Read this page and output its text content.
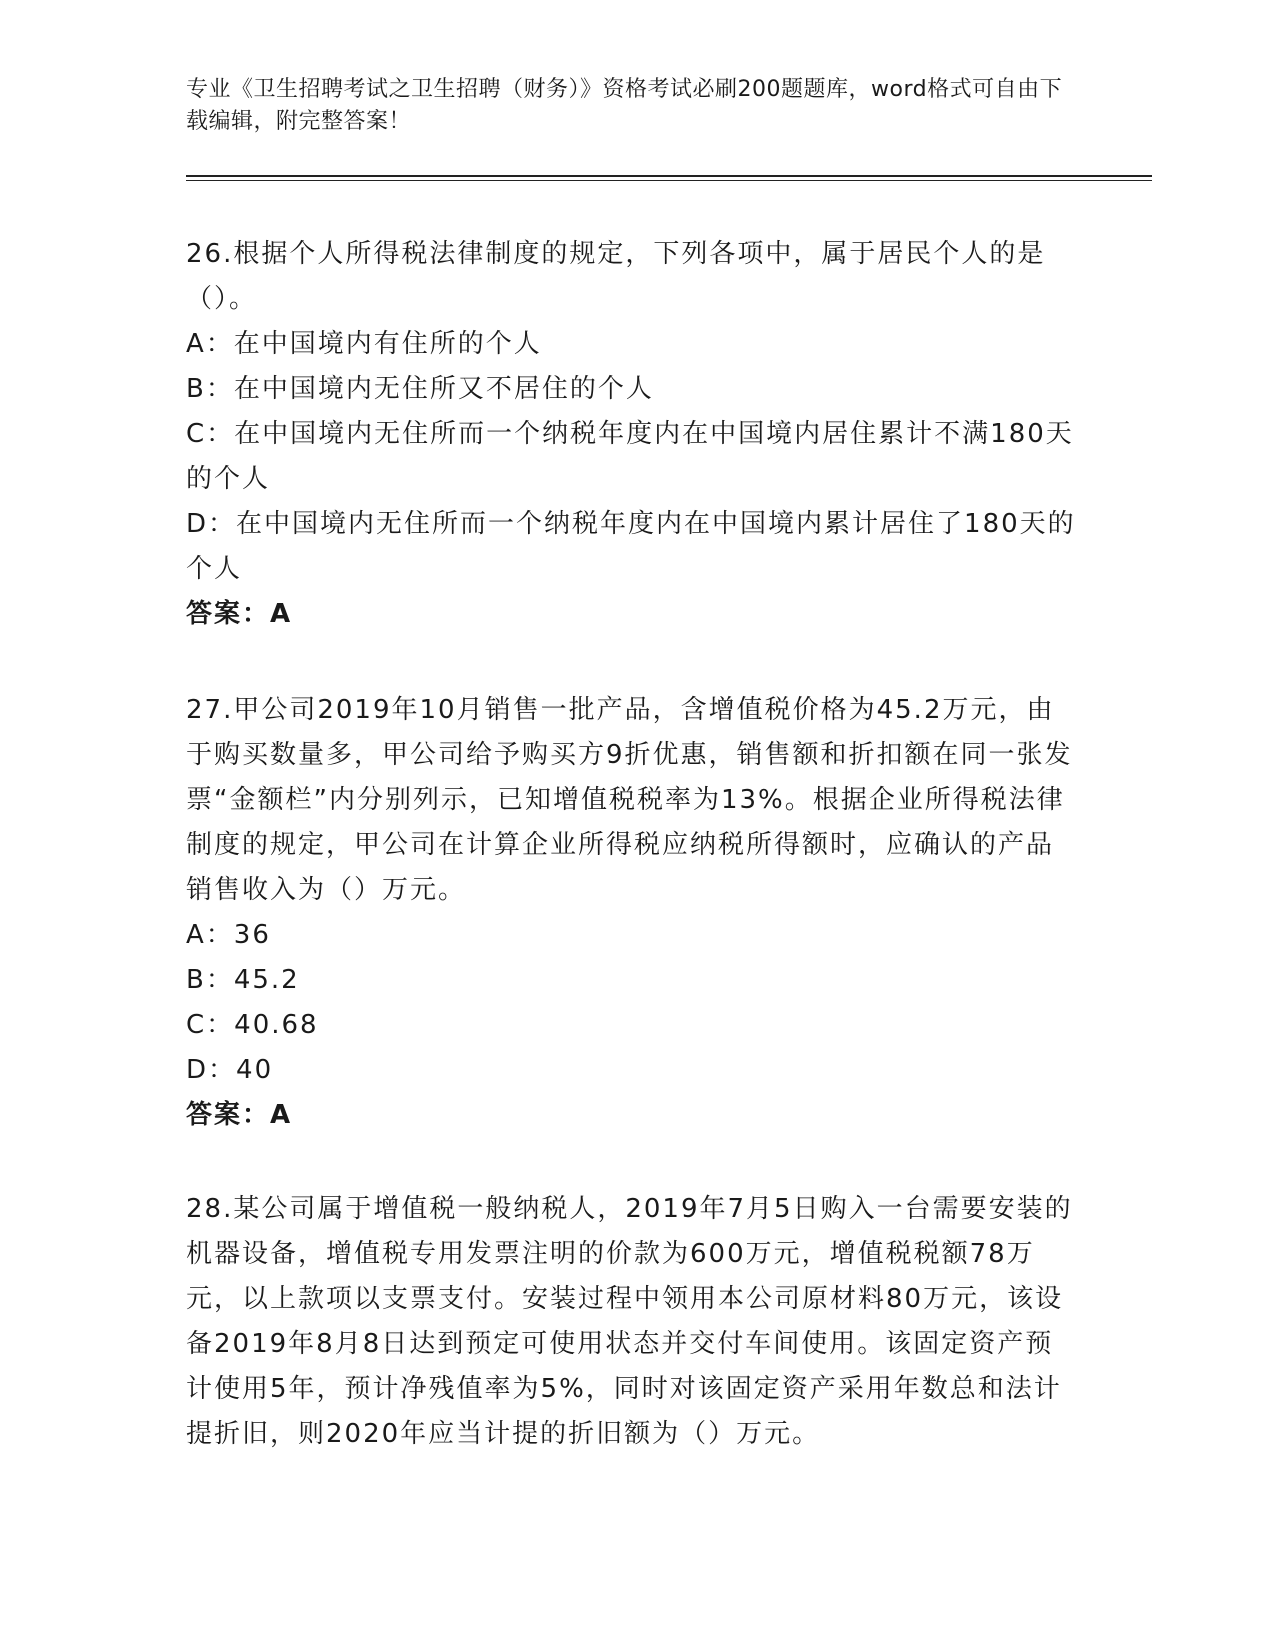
专业《卫生招聘考试之卫生招聘（财务）》资格考试必刷200题题库，word格式可自由下载编辑，附完整答案！

26.根据个人所得税法律制度的规定，下列各项中，属于居民个人的是（）。

A：在中国境内有住所的个人

B：在中国境内无住所又不居住的个人

C：在中国境内无住所而一个纳税年度内在中国境内居住累计不满180天的个人

D：在中国境内无住所而一个纳税年度内在中国境内累计居住了180天的个人

答案：A

27.甲公司2019年10月销售一批产品，含增值税价格为45.2万元，由于购买数量多，甲公司给予购买方9折优惠，销售额和折扣额在同一张发票“金额栏”内分别列示，已知增值税税率为13%。根据企业所得税法律制度的规定，甲公司在计算企业所得税应纳税所得额时，应确认的产品销售收入为（）万元。

A：36

B：45.2

C：40.68

D：40

答案：A

28.某公司属于增值税一般纳税人，2019年7月5日购入一台需要安装的机器设备，增值税专用发票注明的价款为600万元，增值税税额78万元，以上款项以支票支付。安装过程中领用本公司原材料80万元，该设备2019年8月8日达到预定可使用状态并交付车间使用。该固定资产预计使用5年，预计净残值率为5%，同时对该固定资产采用年数总和法计提折旧，则2020年应当计提的折旧额为（）万元。
